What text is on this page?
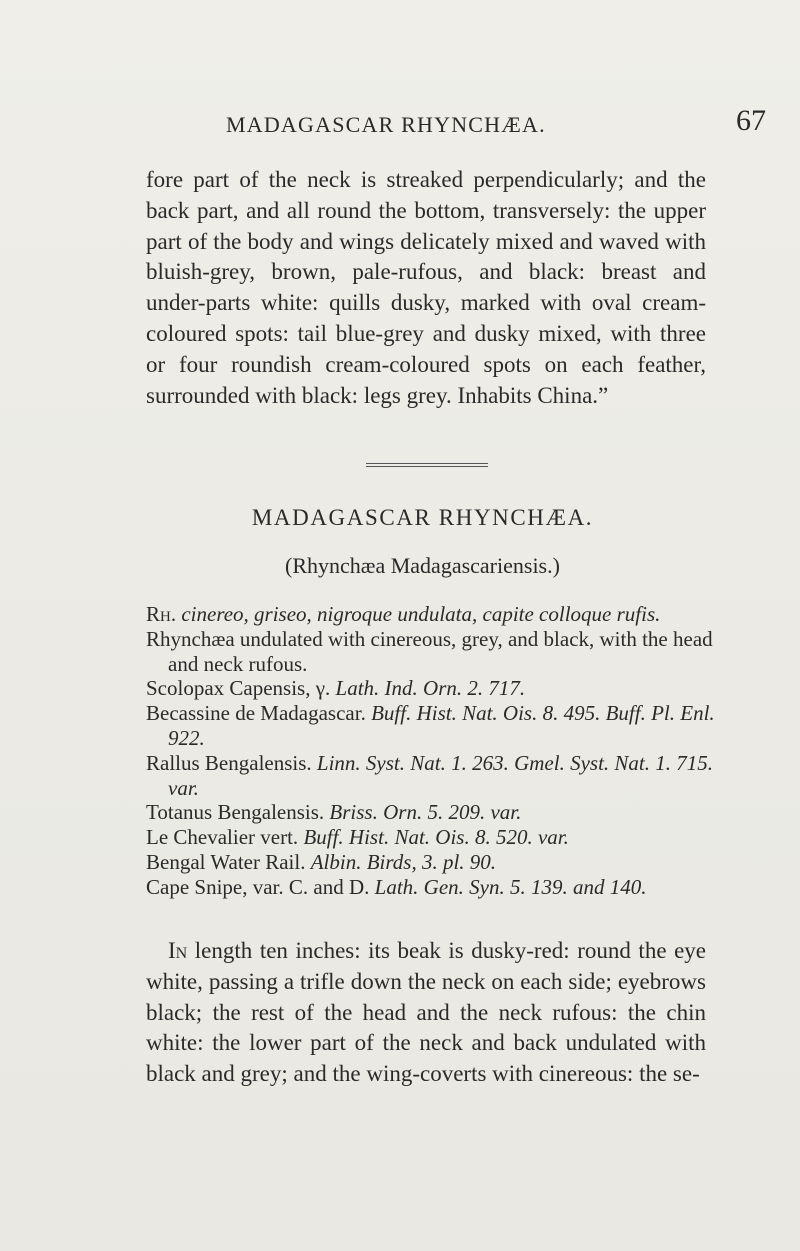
MADAGASCAR RHYNCHÆA.	67
fore part of the neck is streaked perpendicularly; and the back part, and all round the bottom, transversely: the upper part of the body and wings delicately mixed and waved with bluish-grey, brown, pale-rufous, and black: breast and under-parts white: quills dusky, marked with oval cream-coloured spots: tail blue-grey and dusky mixed, with three or four roundish cream-coloured spots on each feather, surrounded with black: legs grey. Inhabits China.”
MADAGASCAR RHYNCHÆA.
(Rhynchæa Madagascariensis.)
Rh. cinereo, griseo, nigroque undulata, capite colloque rufis.
Rhynchæa undulated with cinereous, grey, and black, with the head and neck rufous.
Scolopax Capensis, γ. Lath. Ind. Orn. 2. 717.
Becassine de Madagascar. Buff. Hist. Nat. Ois. 8. 495. Buff. Pl. Enl. 922.
Rallus Bengalensis. Linn. Syst. Nat. 1. 263. Gmel. Syst. Nat. 1. 715. var.
Totanus Bengalensis. Briss. Orn. 5. 209. var.
Le Chevalier vert. Buff. Hist. Nat. Ois. 8. 520. var.
Bengal Water Rail. Albin. Birds, 3. pl. 90.
Cape Snipe, var. C. and D. Lath. Gen. Syn. 5. 139. and 140.
In length ten inches: its beak is dusky-red: round the eye white, passing a trifle down the neck on each side; eyebrows black; the rest of the head and the neck rufous: the chin white: the lower part of the neck and back undulated with black and grey; and the wing-coverts with cinereous: the se-
